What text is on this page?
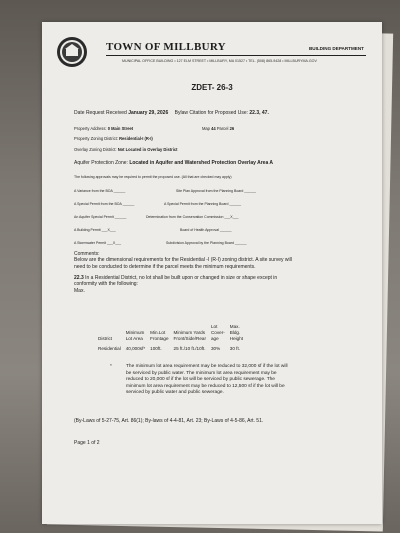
TOWN OF MILLBURY	BUILDING DEPARTMENT
MUNICIPAL OFFICE BUILDING • 127 ELM STREET • MILLBURY, MA 01527 • TEL. (508) 865-9428 • MILLBURYMA.GOV
ZDET- 26-3
Date Request Received January 29, 2026 Bylaw Citation for Proposed Use: 22.3, 47.
Property Address: 0 Main Street	Map 44 Parcel 26
Property Zoning District: Residential-I (R-I)
Overlay Zoning District: Not Located in Overlay District
Aquifer Protection Zone: Located in Aquifer and Watershed Protection Overlay Area A
The following approvals may be required to permit the proposed use. (All that are checked may apply)
A Variance from the BOA ______	Site Plan Approval from the Planning Board ______
A Special Permit from the BOA ______	A Special Permit from the Planning Board ______
An Aquifer Special Permit ______	Determination from the Conservation Commission ___X___
A Building Permit ___X___	Board of Health Approval ______
A Stormwater Permit ___X___	Subdivision Approval by the Planning Board ______
Comments:
Below are the dimensional requirements for the Residential -I (R-I) zoning district. A site survey will
need to be conducted to determine if the parcel meets the minimum requirements.
22.3 In a Residential District, no lot shall be built upon or changed in size or shape except in
conformity with the following:
Max.
				Lot	Max.
	Minimum	Min.Lot	Minimum Yards	Cover-	Bldg.
District	Lot Area	Frontage	Front/Side/Rear	age	Height
Residential	40,000sf*	100ft.	25 ft./10 ft./10ft.	30%	30 ft.
*	The minimum lot area requirement may be reduced to 32,000 sf if the lot will
be serviced by public water. The minimum lot area requirement may be
reduced to 20,000 sf if the lot will be serviced by public sewerage. The
minimum lot area requirement may be reduced to 12,500 sf if the lot will be
serviced by public water and public sewerage.
(By-Laws of 5-27-75, Art. 86(1); By-laws of 4-4-81, Art. 23; By-Laws of 4-5-86, Art. 51.
Page 1 of 2
